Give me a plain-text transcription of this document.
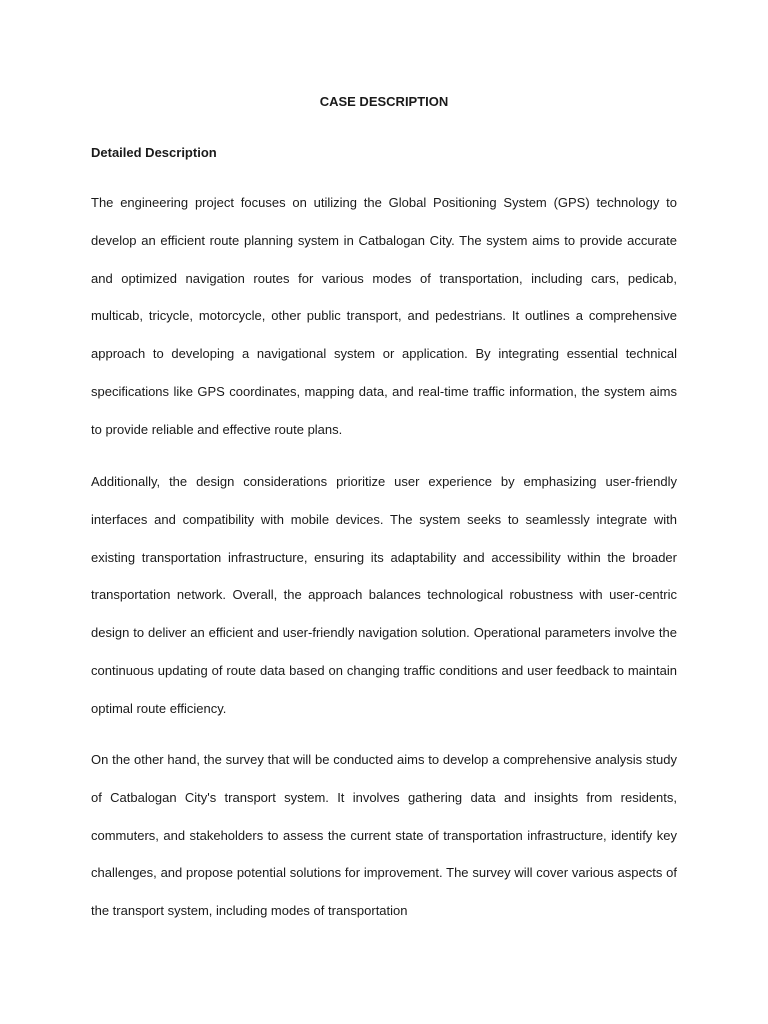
CASE DESCRIPTION
Detailed Description

The engineering project focuses on utilizing the Global Positioning System (GPS) technology to develop an efficient route planning system in Catbalogan City. The system aims to provide accurate and optimized navigation routes for various modes of transportation, including cars, pedicab, multicab, tricycle, motorcycle, other public transport, and pedestrians. It outlines a comprehensive approach to developing a navigational system or application. By integrating essential technical specifications like GPS coordinates, mapping data, and real-time traffic information, the system aims to provide reliable and effective route plans.

Additionally, the design considerations prioritize user experience by emphasizing user-friendly interfaces and compatibility with mobile devices. The system seeks to seamlessly integrate with existing transportation infrastructure, ensuring its adaptability and accessibility within the broader transportation network. Overall, the approach balances technological robustness with user-centric design to deliver an efficient and user-friendly navigation solution. Operational parameters involve the continuous updating of route data based on changing traffic conditions and user feedback to maintain optimal route efficiency.

On the other hand, the survey that will be conducted aims to develop a comprehensive analysis study of Catbalogan City's transport system. It involves gathering data and insights from residents, commuters, and stakeholders to assess the current state of transportation infrastructure, identify key challenges, and propose potential solutions for improvement. The survey will cover various aspects of the transport system, including modes of transportation
